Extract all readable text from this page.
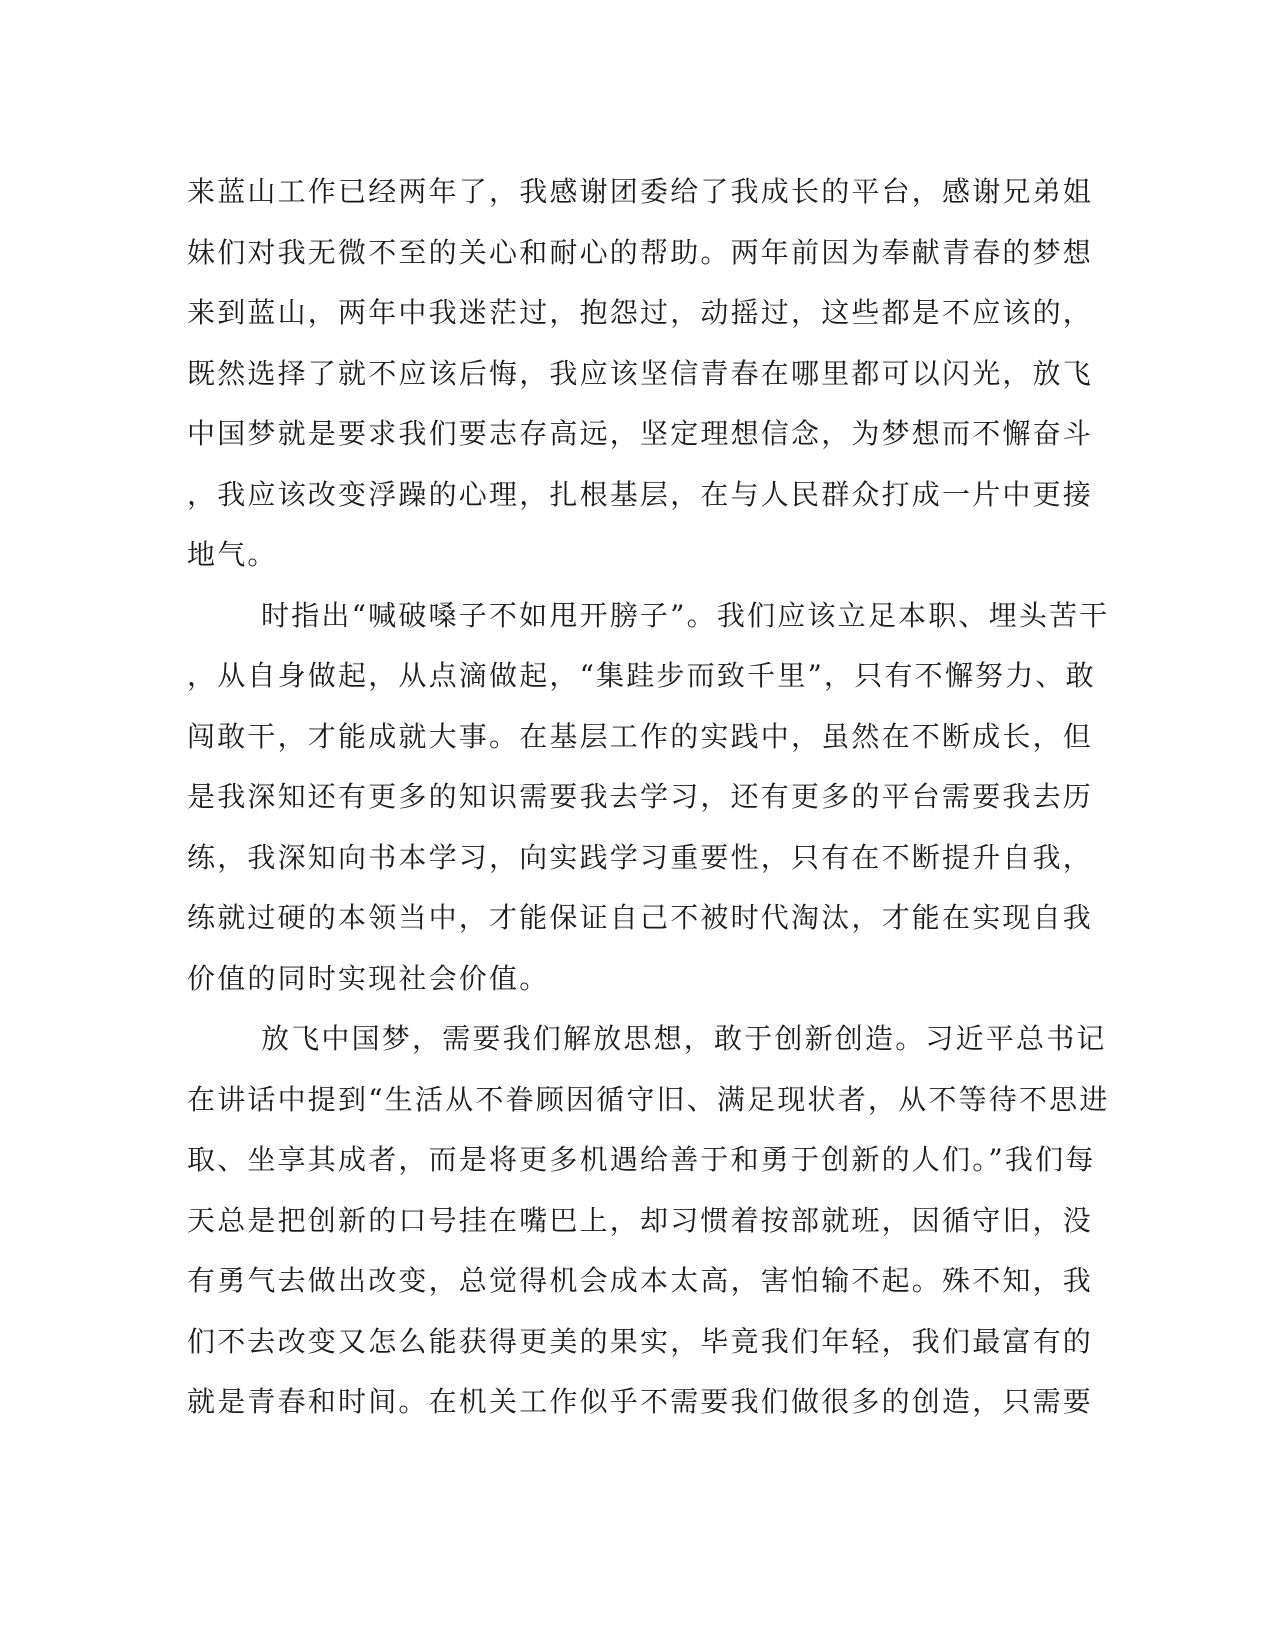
来蓝山工作已经两年了，我感谢团委给了我成长的平台，感谢兄弟姐
妹们对我无微不至的关心和耐心的帮助。两年前因为奉献青春的梦想
来到蓝山，两年中我迷茫过，抱怨过，动摇过，这些都是不应该的，
既然选择了就不应该后悔，我应该坚信青春在哪里都可以闪光，放飞
中国梦就是要求我们要志存高远，坚定理想信念，为梦想而不懈奋斗
，我应该改变浮躁的心理，扎根基层，在与人民群众打成一片中更接
地气。
时指出“喊破嗓子不如甩开膀子”。我们应该立足本职、埋头苦干
，从自身做起，从点滴做起，“集跬步而致千里”，只有不懈努力、敢
闯敢干，才能成就大事。在基层工作的实践中，虽然在不断成长，但
是我深知还有更多的知识需要我去学习，还有更多的平台需要我去历
练，我深知向书本学习，向实践学习重要性，只有在不断提升自我，
练就过硬的本领当中，才能保证自己不被时代淘汰，才能在实现自我
价值的同时实现社会价值。
放飞中国梦，需要我们解放思想，敢于创新创造。习近平总书记
在讲话中提到“生活从不眷顾因循守旧、满足现状者，从不等待不思进
取、坐享其成者，而是将更多机遇给善于和勇于创新的人们。”我们每
天总是把创新的口号挂在嘴巴上，却习惯着按部就班，因循守旧，没
有勇气去做出改变，总觉得机会成本太高，害怕输不起。殊不知，我
们不去改变又怎么能获得更美的果实，毕竟我们年轻，我们最富有的
就是青春和时间。在机关工作似乎不需要我们做很多的创造，只需要
